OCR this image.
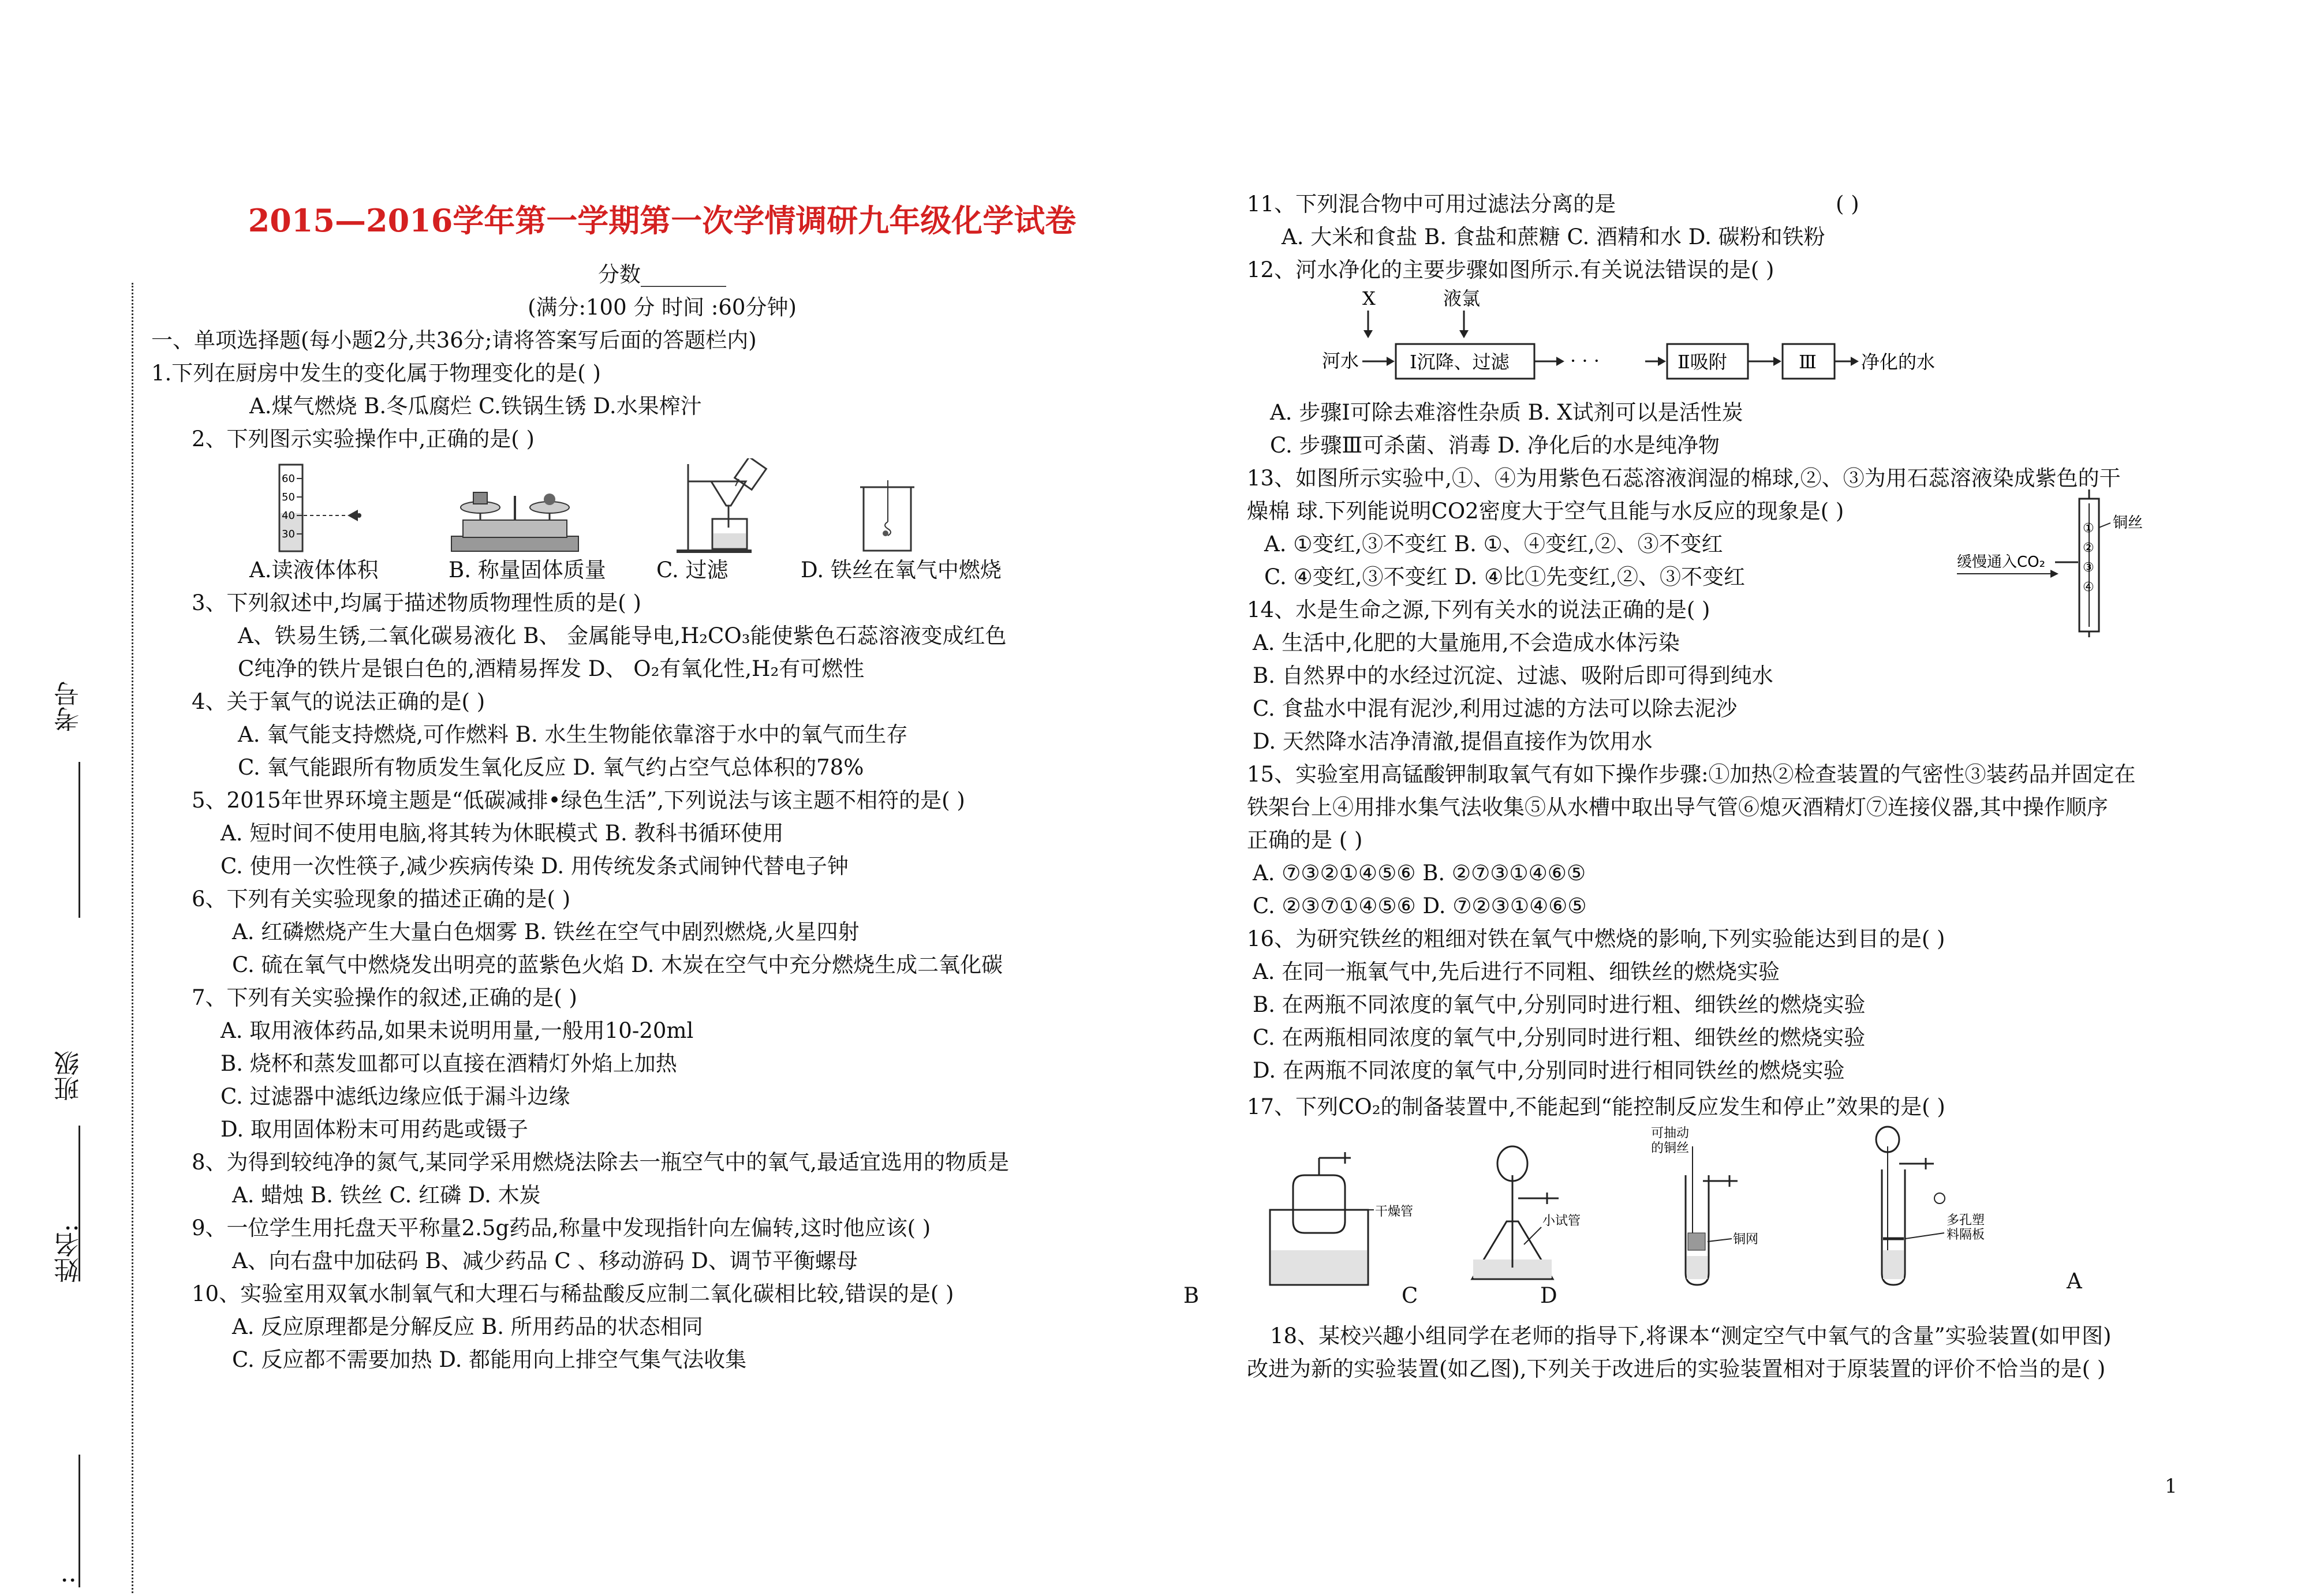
考号
班级
姓名:
:
2015—2016学年第一学期第一次学情调研九年级化学试卷
分数________
(满分:100 分 时间 :60分钟)
一、单项选择题(每小题2分,共36分;请将答案写后面的答题栏内)
1.下列在厨房中发生的变化属于物理变化的是( )
A.煤气燃烧 B.冬瓜腐烂 C.铁锅生锈 D.水果榨汁
2、下列图示实验操作中,正确的是( )
60
50
40
30
A.读液体体积	B. 称量固体质量	C. 过滤	D. 铁丝在氧气中燃烧
3、下列叙述中,均属于描述物质物理性质的是( )
A、铁易生锈,二氧化碳易液化 B、 金属能导电,H₂CO₃能使紫色石蕊溶液变成红色
C纯净的铁片是银白色的,酒精易挥发 D、 O₂有氧化性,H₂有可燃性
4、关于氧气的说法正确的是( )
A. 氧气能支持燃烧,可作燃料 B. 水生生物能依靠溶于水中的氧气而生存
C. 氧气能跟所有物质发生氧化反应 D. 氧气约占空气总体积的78%
5、2015年世界环境主题是“低碳减排•绿色生活”,下列说法与该主题不相符的是( )
A. 短时间不使用电脑,将其转为休眠模式 B. 教科书循环使用
C. 使用一次性筷子,减少疾病传染 D. 用传统发条式闹钟代替电子钟
6、下列有关实验现象的描述正确的是( )
A. 红磷燃烧产生大量白色烟雾 B. 铁丝在空气中剧烈燃烧,火星四射
C. 硫在氧气中燃烧发出明亮的蓝紫色火焰 D. 木炭在空气中充分燃烧生成二氧化碳
7、下列有关实验操作的叙述,正确的是( )
A. 取用液体药品,如果未说明用量,一般用10-20ml
B. 烧杯和蒸发皿都可以直接在酒精灯外焰上加热
C. 过滤器中滤纸边缘应低于漏斗边缘
D. 取用固体粉末可用药匙或镊子
8、为得到较纯净的氮气,某同学采用燃烧法除去一瓶空气中的氧气,最适宜选用的物质是
A. 蜡烛 B. 铁丝 C. 红磷 D. 木炭
9、一位学生用托盘天平称量2.5g药品,称量中发现指针向左偏转,这时他应该( )
A、向右盘中加砝码 B、减少药品 C 、移动游码 D、调节平衡螺母
10、实验室用双氧水制氧气和大理石与稀盐酸反应制二氧化碳相比较,错误的是( )
A. 反应原理都是分解反应 B. 所用药品的状态相同
C. 反应都不需要加热 D. 都能用向上排空气集气法收集
11、下列混合物中可用过滤法分离的是	( )
A. 大米和食盐 B. 食盐和蔗糖 C. 酒精和水 D. 碳粉和铁粉
12、河水净化的主要步骤如图所示.有关说法错误的是( )
X	液氯
河水	Ⅰ沉降、过滤	· · ·	Ⅱ吸附	Ⅲ 净化的水
A. 步骤Ⅰ可除去难溶性杂质 B. X试剂可以是活性炭
C. 步骤Ⅲ可杀菌、消毒 D. 净化后的水是纯净物
13、如图所示实验中,①、④为用紫色石蕊溶液润湿的棉球,②、③为用石蕊溶液染成紫色的干
燥棉 球.下列能说明CO2密度大于空气且能与水反应的现象是( )
A. ①变红,③不变红 B. ①、④变红,②、③不变红
C. ④变红,③不变红 D. ④比①先变红,②、③不变红
①
②
③
④
缓慢通入CO₂
铜丝
14、水是生命之源,下列有关水的说法正确的是( )
A. 生活中,化肥的大量施用,不会造成水体污染
B. 自然界中的水经过沉淀、过滤、吸附后即可得到纯水
C. 食盐水中混有泥沙,利用过滤的方法可以除去泥沙
D. 天然降水洁净清澈,提倡直接作为饮用水
15、实验室用高锰酸钾制取氧气有如下操作步骤:①加热②检查装置的气密性③装药品并固定在
铁架台上④用排水集气法收集⑤从水槽中取出导气管⑥熄灭酒精灯⑦连接仪器,其中操作顺序
正确的是 ( )
A. ⑦③②①④⑤⑥ B. ②⑦③①④⑥⑤
C. ②③⑦①④⑤⑥ D. ⑦②③①④⑥⑤
16、为研究铁丝的粗细对铁在氧气中燃烧的影响,下列实验能达到目的是( )
A. 在同一瓶氧气中,先后进行不同粗、细铁丝的燃烧实验
B. 在两瓶不同浓度的氧气中,分别同时进行粗、细铁丝的燃烧实验
C. 在两瓶相同浓度的氧气中,分别同时进行粗、细铁丝的燃烧实验
D. 在两瓶不同浓度的氧气中,分别同时进行相同铁丝的燃烧实验
17、下列CO₂的制备装置中,不能起到“能控制反应发生和停止”效果的是( )
干燥管
小试管
可抽动
的铜丝
铜网
多孔塑
料隔板
A
B	C	D
18、某校兴趣小组同学在老师的指导下,将课本“测定空气中氧气的含量”实验装置(如甲图)
改进为新的实验装置(如乙图),下列关于改进后的实验装置相对于原装置的评价不恰当的是( )
1
